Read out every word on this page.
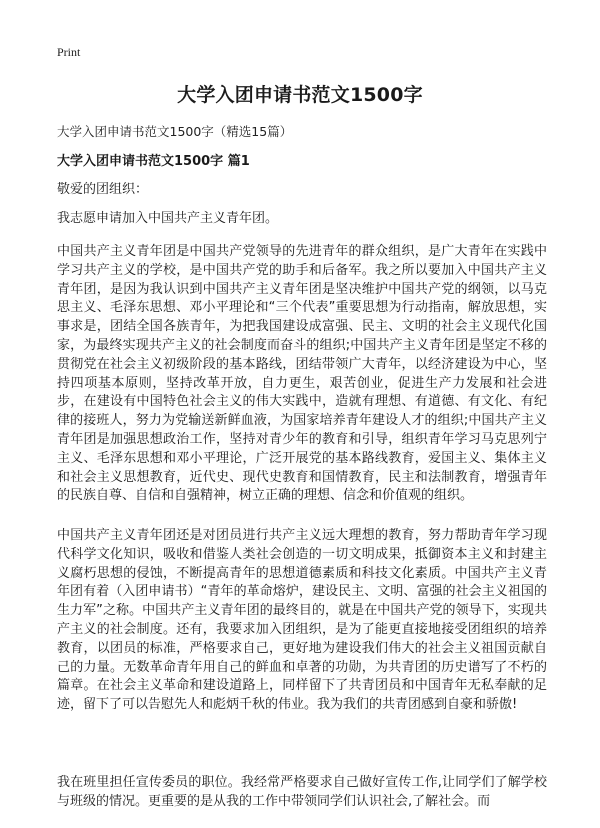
Print
大学入团申请书范文1500字
大学入团申请书范文1500字（精选15篇）
大学入团申请书范文1500字 篇1

敬爱的团组织：

我志愿申请加入中国共产主义青年团。

中国共产主义青年团是中国共产党领导的先进青年的群众组织，是广大青年在实践中学习共产主义的学校，是中国共产党的助手和后备军。我之所以要加入中国共产主义青年团，是因为我认识到中国共产主义青年团是坚决维护中国共产党的纲领，以马克思主义、毛泽东思想、邓小平理论和“三个代表”重要思想为行动指南，解放思想，实事求是，团结全国各族青年，为把我国建设成富强、民主、文明的社会主义现代化国家，为最终实现共产主义的社会制度而奋斗的组织;中国共产主义青年团是坚定不移的贯彻党在社会主义初级阶段的基本路线，团结带领广大青年，以经济建设为中心，坚持四项基本原则，坚持改革开放，自力更生，艰苦创业，促进生产力发展和社会进步，在建设有中国特色社会主义的伟大实践中，造就有理想、有道德、有文化、有纪律的接班人，努力为党输送新鲜血液，为国家培养青年建设人才的组织;中国共产主义青年团是加强思想政治工作，坚持对青少年的教育和引导，组织青年学习马克思列宁主义、毛泽东思想和邓小平理论，广泛开展党的基本路线教育，爱国主义、集体主义和社会主义思想教育，近代史、现代史教育和国情教育，民主和法制教育，增强青年的民族自尊、自信和自强精神，树立正确的理想、信念和价值观的组织。

中国共产主义青年团还是对团员进行共产主义远大理想的教育，努力帮助青年学习现代科学文化知识，吸收和借鉴人类社会创造的一切文明成果，抵御资本主义和封建主义腐朽思想的侵蚀，不断提高青年的思想道德素质和科技文化素质。中国共产主义青年团有着（入团申请书）“青年的革命熔炉，建设民主、文明、富强的社会主义祖国的生力军”之称。中国共产主义青年团的最终目的，就是在中国共产党的领导下，实现共产主义的社会制度。还有，我要求加入团组织，是为了能更直接地接受团组织的培养教育，以团员的标准，严格要求自己，更好地为建设我们伟大的社会主义祖国贡献自己的力量。无数革命青年用自己的鲜血和卓著的功勋，为共青团的历史谱写了不朽的篇章。在社会主义革命和建设道路上，同样留下了共青团员和中国青年无私奉献的足迹，留下了可以告慰先人和彪炳千秋的伟业。我为我们的共青团感到自豪和骄傲!

我在班里担任宣传委员的职位。我经常严格要求自己做好宣传工作,让同学们了解学校与班级的情况。更重要的是从我的工作中带领同学们认识社会,了解社会。而
